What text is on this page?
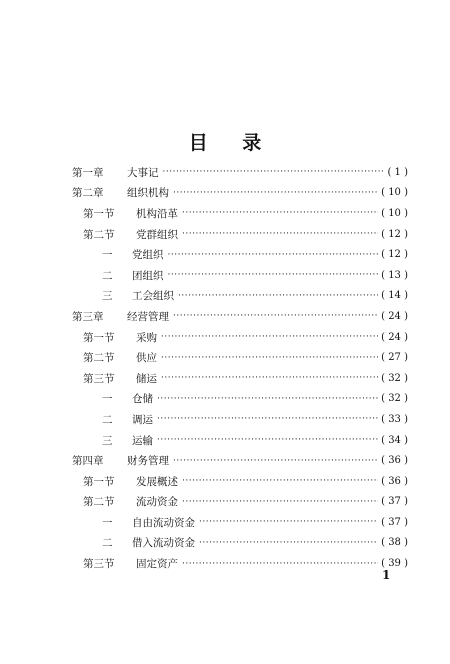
目 录
第一章 大事记 ·····	( 1 )
第二章 组织机构 ·····	( 10 )
第一节 机构沿革 ·····	( 10 )
第二节 党群组织 ·····	( 12 )
一 党组织 ·····	( 12 )
二 团组织 ·····	( 13 )
三 工会组织 ·····	( 14 )
第三章 经营管理 ·····	( 24 )
第一节 采购 ·····	( 24 )
第二节 供应 ·····	( 27 )
第三节 储运 ·····	( 32 )
一 仓储 ·····	( 32 )
二 调运 ·····	( 33 )
三 运输 ·····	( 34 )
第四章 财务管理 ·····	( 36 )
第一节 发展概述 ·····	( 36 )
第二节 流动资金 ·····	( 37 )
一 自由流动资金 ·····	( 37 )
二 借入流动资金 ·····	( 38 )
第三节 固定资产 ·····	( 39 )
1
